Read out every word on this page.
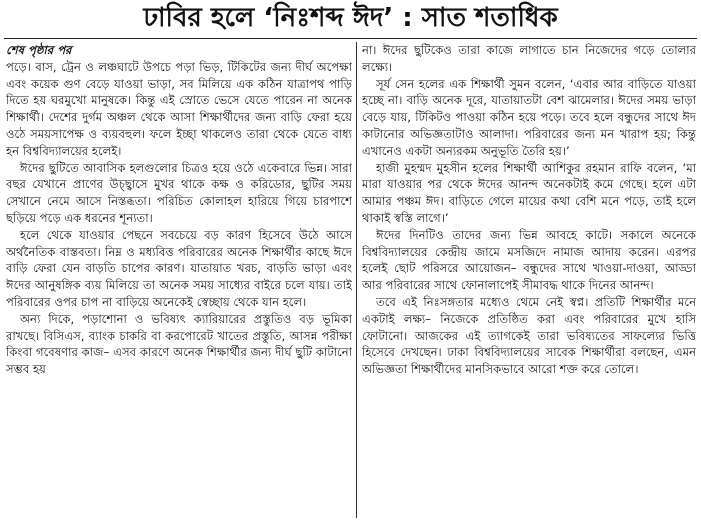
ঢাবির হলে ‘নিঃশব্দ ঈদ’ : সাত শতাধিক
শেষ পৃষ্ঠার পর

পড়ে। বাস, ট্রেন ও লঞ্চঘাটে উপচে পড়া ভিড়, টিকিটের জন্য দীর্ঘ অপেক্ষা এবং কয়েক গুণ বেড়ে যাওয়া ভাড়া, সব মিলিয়ে এক কঠিন যাত্রাপথ পাড়ি দিতে হয় ঘরমুখো মানুষকে। কিন্তু এই স্রোতে ভেসে যেতে পারেন না অনেক শিক্ষার্থী। দেশের দুর্গম অঞ্চল থেকে আসা শিক্ষার্থীদের জন্য বাড়ি ফেরা হয়ে ওঠে সময়সাপেক্ষ ও ব্যয়বহুল। ফলে ইচ্ছা থাকলেও তারা থেকে যেতে বাধ্য হন বিশ্ববিদ্যালয়ের হলেই।

ঈদের ছুটিতে আবাসিক হলগুলোর চিত্রও হয়ে ওঠে একেবারে ভিন্ন। সারা বছর যেখানে প্রাণের উচ্ছ্বাসে মুখর থাকে কক্ষ ও করিডোর, ছুটির সময় সেখানে নেমে আসে নিস্তব্ধতা। পরিচিত কোলাহল হারিয়ে গিয়ে চারপাশে ছড়িয়ে পড়ে এক ধরনের শূন্যতা।

হলে থেকে যাওয়ার পেছনে সবচেয়ে বড় কারণ হিসেবে উঠে আসে অর্থনৈতিক বাস্তবতা। নিম্ন ও মধ্যবিত্ত পরিবারের অনেক শিক্ষার্থীর কাছে ঈদে বাড়ি ফেরা যেন বাড়তি চাপের কারণ। যাতায়াত খরচ, বাড়তি ভাড়া এবং ঈদের আনুষঙ্গিক ব্যয় মিলিয়ে তা অনেক সময় সাধ্যের বাইরে চলে যায়। তাই পরিবারের ওপর চাপ না বাড়িয়ে অনেকেই স্বেচ্ছায় থেকে যান হলে।

অন্য দিকে, পড়াশোনা ও ভবিষ্যৎ ক্যারিয়ারের প্রস্তুতিও বড় ভূমিকা রাখছে। বিসিএস, ব্যাংক চাকরি বা করপোরেট খাতের প্রস্তুতি, আসন্ন পরীক্ষা কিংবা গবেষণার কাজ– এসব কারণে অনেক শিক্ষার্থীর জন্য দীর্ঘ ছুটি কাটানো সম্ভব হয়

না। ঈদের ছুটিকেও তারা কাজে লাগাতে চান নিজেদের গড়ে তোলার লক্ষ্যে।

সূর্য সেন হলের এক শিক্ষার্থী সুমন বলেন, ‘এবার আর বাড়িতে যাওয়া হচ্ছে না। বাড়ি অনেক দূরে, যাতায়াতটা বেশ ঝামেলার। ঈদের সময় ভাড়া বেড়ে যায়, টিকিটও পাওয়া কঠিন হয়ে পড়ে। তবে হলে বন্ধুদের সাথে ঈদ কাটানোর অভিজ্ঞতাটাও আলাদা। পরিবারের জন্য মন খারাপ হয়; কিন্তু এখানেও একটা অন্যরকম অনুভূতি তৈরি হয়।’

হাজী মুহম্মদ মুহসীন হলের শিক্ষার্থী আশিকুর রহমান রাফি বলেন, ‘মা মারা যাওয়ার পর থেকে ঈদের আনন্দ অনেকটাই কমে গেছে। হলে এটা আমার পঞ্চম ঈদ। বাড়িতে গেলে মায়ের কথা বেশি মনে পড়ে, তাই হলে থাকাই স্বস্তি লাগে।’

ঈদের দিনটিও তাদের জন্য ভিন্ন আবহে কাটে। সকালে অনেকে বিশ্ববিদ্যালয়ের কেন্দ্রীয় জামে মসজিদে নামাজ আদায় করেন। এরপর হলেই ছোট পরিসরে আয়োজন– বন্ধুদের সাথে খাওয়া-দাওয়া, আড্ডা আর পরিবারের সাথে ফোনালাপেই সীমাবদ্ধ থাকে দিনের আনন্দ।

তবে এই নিঃসঙ্গতার মধ্যেও থেমে নেই স্বপ্ন। প্রতিটি শিক্ষার্থীর মনে একটাই লক্ষ্য– নিজেকে প্রতিষ্ঠিত করা এবং পরিবারের মুখে হাসি ফোটানো। আজকের এই ত্যাগকেই তারা ভবিষ্যতের সাফল্যের ভিত্তি হিসেবে দেখছেন। ঢাকা বিশ্ববিদ্যালয়ের সাবেক শিক্ষার্থীরা বলছেন, এমন অভিজ্ঞতা শিক্ষার্থীদের মানসিকভাবে আরো শক্ত করে তোলে।
